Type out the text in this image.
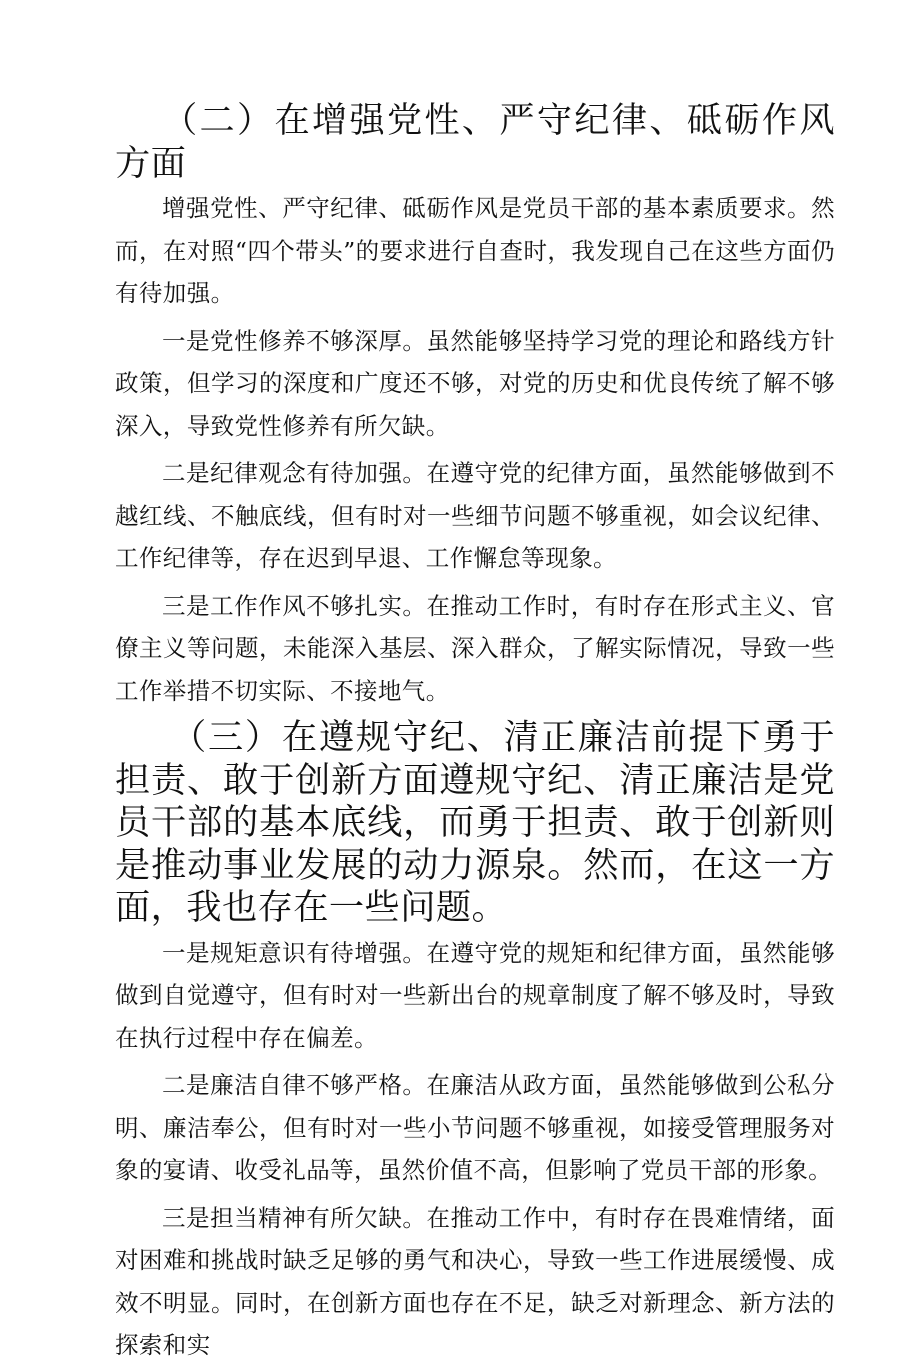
（二）在增强党性、严守纪律、砥砺作风方面

增强党性、严守纪律、砥砺作风是党员干部的基本素质要求。然而，在对照“四个带头”的要求进行自查时，我发现自己在这些方面仍有待加强。

一是党性修养不够深厚。虽然能够坚持学习党的理论和路线方针政策，但学习的深度和广度还不够，对党的历史和优良传统了解不够深入，导致党性修养有所欠缺。

二是纪律观念有待加强。在遵守党的纪律方面，虽然能够做到不越红线、不触底线，但有时对一些细节问题不够重视，如会议纪律、工作纪律等，存在迟到早退、工作懈怠等现象。

三是工作作风不够扎实。在推动工作时，有时存在形式主义、官僚主义等问题，未能深入基层、深入群众，了解实际情况，导致一些工作举措不切实际、不接地气。

（三）在遵规守纪、清正廉洁前提下勇于担责、敢于创新方面遵规守纪、清正廉洁是党员干部的基本底线，而勇于担责、敢于创新则是推动事业发展的动力源泉。然而，在这一方面，我也存在一些问题。

一是规矩意识有待增强。在遵守党的规矩和纪律方面，虽然能够做到自觉遵守，但有时对一些新出台的规章制度了解不够及时，导致在执行过程中存在偏差。

二是廉洁自律不够严格。在廉洁从政方面，虽然能够做到公私分明、廉洁奉公，但有时对一些小节问题不够重视，如接受管理服务对象的宴请、收受礼品等，虽然价值不高，但影响了党员干部的形象。

三是担当精神有所欠缺。在推动工作中，有时存在畏难情绪，面对困难和挑战时缺乏足够的勇气和决心，导致一些工作进展缓慢、成效不明显。同时，在创新方面也存在不足，缺乏对新理念、新方法的探索和实
